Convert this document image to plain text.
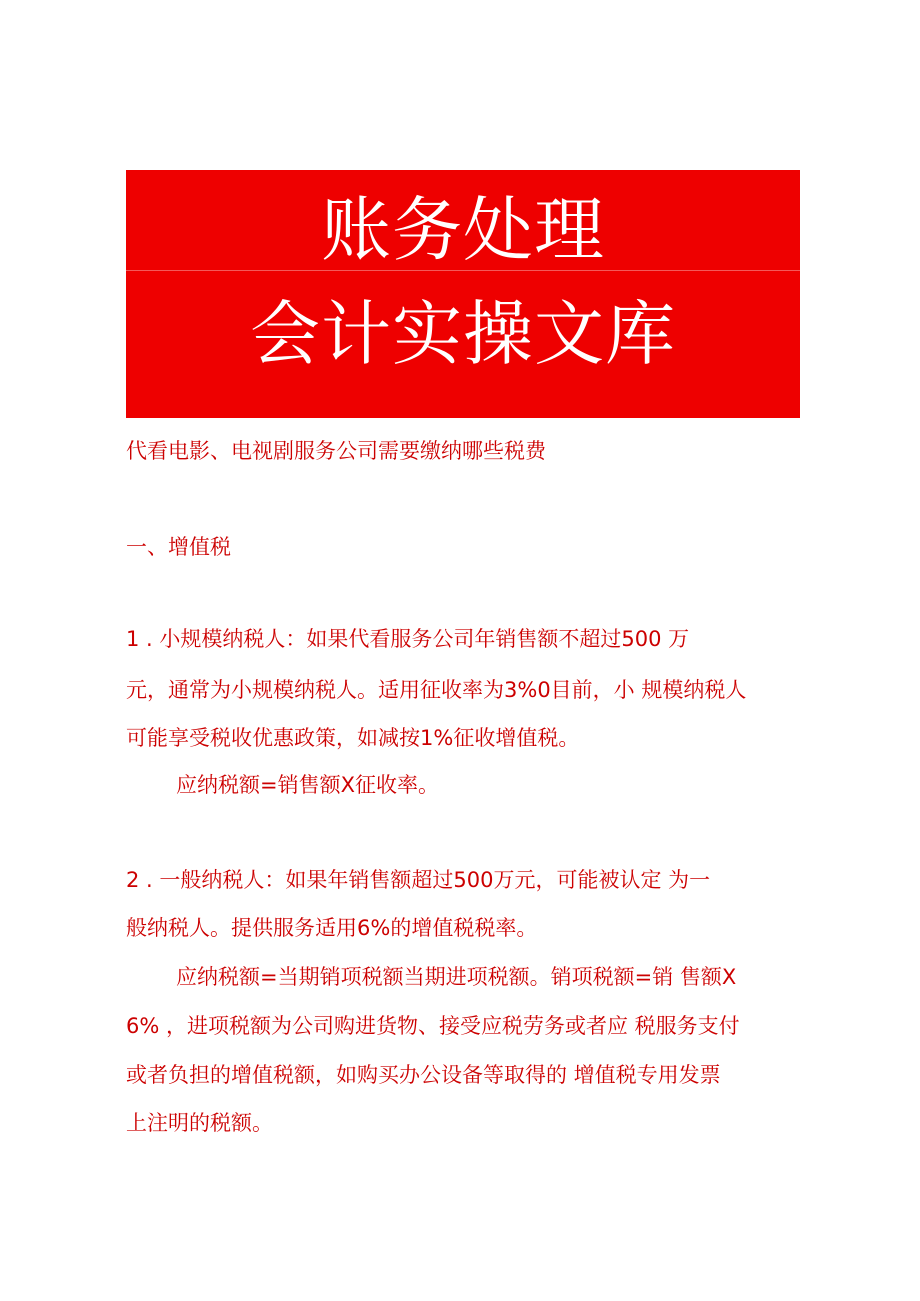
账务处理
会计实操文库
代看电影、电视剧服务公司需要缴纳哪些税费
一、增值税
1 . 小规模纳税人：如果代看服务公司年销售额不超过500 万
元，通常为小规模纳税人。适用征收率为3%0目前，小 规模纳税人
可能享受税收优惠政策，如减按1%征收增值税。
应纳税额=销售额X征收率。
2 . 一般纳税人：如果年销售额超过500万元，可能被认定 为一
般纳税人。提供服务适用6%的增值税税率。
应纳税额=当期销项税额当期进项税额。销项税额=销 售额X
6% ，进项税额为公司购进货物、接受应税劳务或者应 税服务支付
或者负担的增值税额，如购买办公设备等取得的 增值税专用发票
上注明的税额。
